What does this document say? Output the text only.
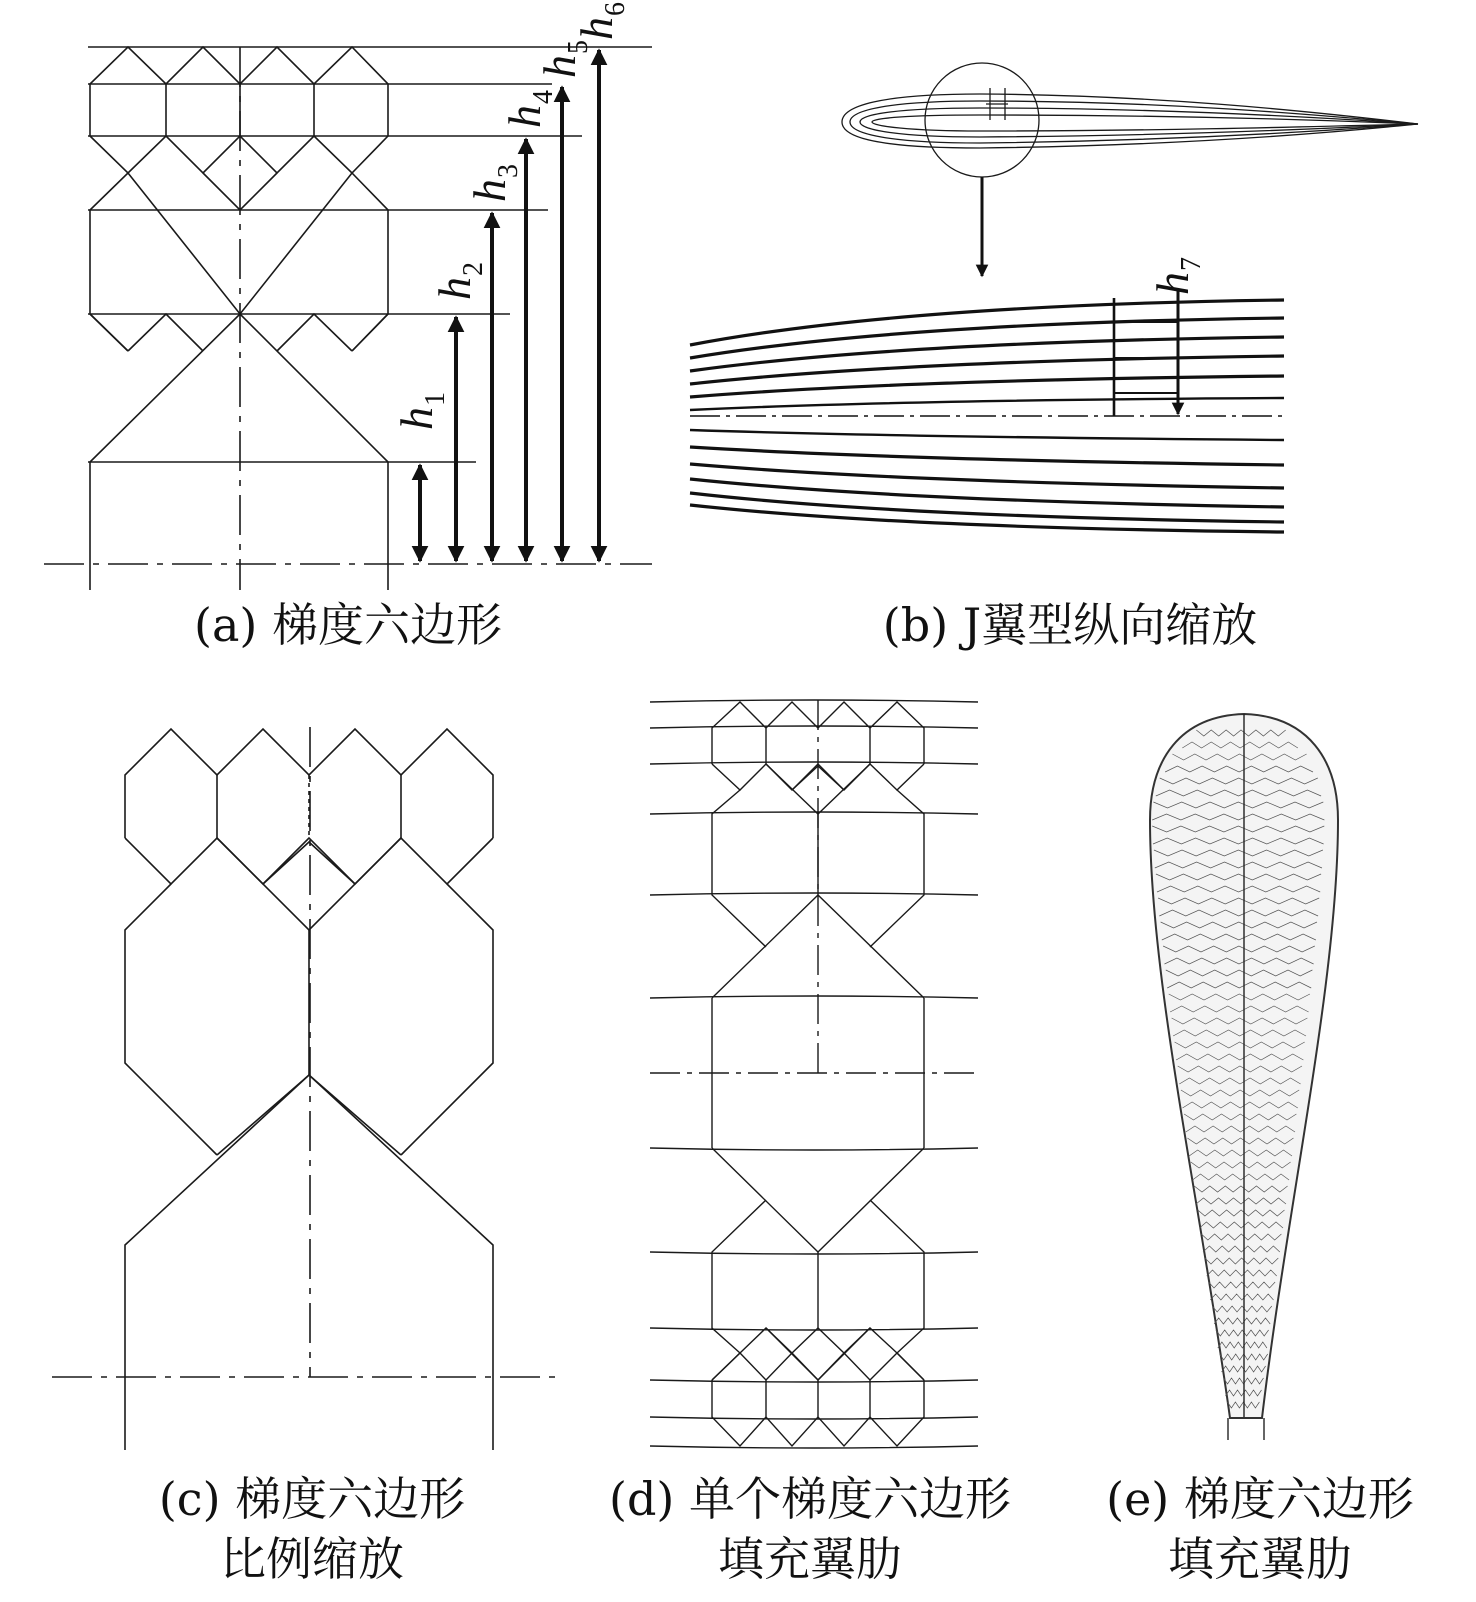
h
1
h
2
h
3
h
4
h
5
h
6
h
7
(a) 梯度六边形	(b) J翼型纵向缩放
(c) 梯度六边形
比例缩放
(d) 单个梯度六边形
填充翼肋
(e) 梯度六边形
填充翼肋
